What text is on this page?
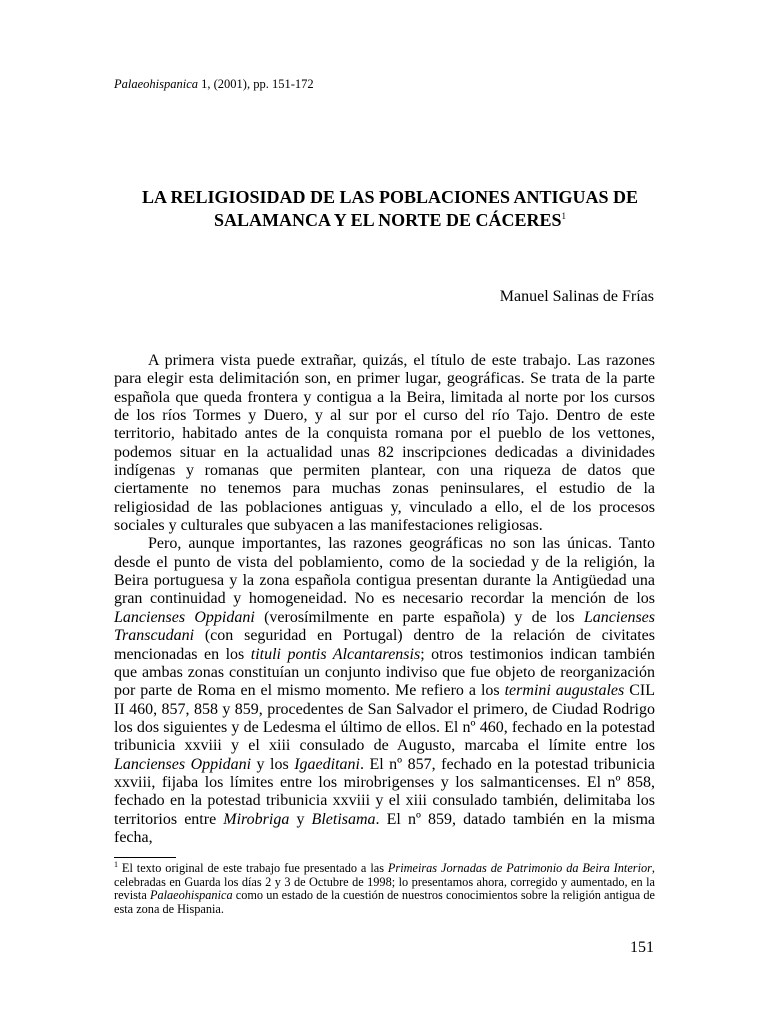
Palaeohispanica 1, (2001), pp. 151-172
LA RELIGIOSIDAD DE LAS POBLACIONES ANTIGUAS DE
SALAMANCA Y EL NORTE DE CÁCERES$^1$
Manuel Salinas de Frías

A primera vista puede extrañar, quizás, el título de este trabajo. Las razones para elegir esta delimitación son, en primer lugar, geográficas. Se trata de la parte española que queda frontera y contigua a la Beira, limitada al norte por los cursos de los ríos Tormes y Duero, y al sur por el curso del río Tajo. Dentro de este territorio, habitado antes de la conquista romana por el pueblo de los vettones, podemos situar en la actualidad unas 82 inscripciones dedicadas a divinidades indígenas y romanas que permiten plantear, con una riqueza de datos que ciertamente no tenemos para muchas zonas peninsulares, el estudio de la religiosidad de las poblaciones antiguas y, vinculado a ello, el de los procesos sociales y culturales que subyacen a las manifestaciones religiosas.

Pero, aunque importantes, las razones geográficas no son las únicas. Tanto desde el punto de vista del poblamiento, como de la sociedad y de la religión, la Beira portuguesa y la zona española contigua presentan durante la Antigüedad una gran continuidad y homogeneidad. No es necesario recordar la mención de los Lancienses Oppidani (verosímilmente en parte española) y de los Lancienses Transcudani (con seguridad en Portugal) dentro de la relación de civitates mencionadas en los tituli pontis Alcantarensis; otros testimonios indican también que ambas zonas constituían un conjunto indiviso que fue objeto de reorganización por parte de Roma en el mismo momento. Me refiero a los termini augustales CIL II 460, 857, 858 y 859, procedentes de San Salvador el primero, de Ciudad Rodrigo los dos siguientes y de Ledesma el último de ellos. El nº 460, fechado en la potestad tribunicia xxviii y el xiii consulado de Augusto, marcaba el límite entre los Lancienses Oppidani y los Igaeditani. El nº 857, fechado en la potestad tribunicia xxviii, fijaba los límites entre los mirobrigenses y los salmanticenses. El nº 858, fechado en la potestad tribunicia xxviii y el xiii consulado también, delimitaba los territorios entre Mirobriga y Bletisama. El nº 859, datado también en la misma fecha,

$^1$ El texto original de este trabajo fue presentado a las Primeiras Jornadas de Patrimonio da Beira Interior, celebradas en Guarda los días 2 y 3 de Octubre de 1998; lo presentamos ahora, corregido y aumentado, en la revista Palaeohispanica como un estado de la cuestión de nuestros conocimientos sobre la religión antigua de esta zona de Hispania.
151
